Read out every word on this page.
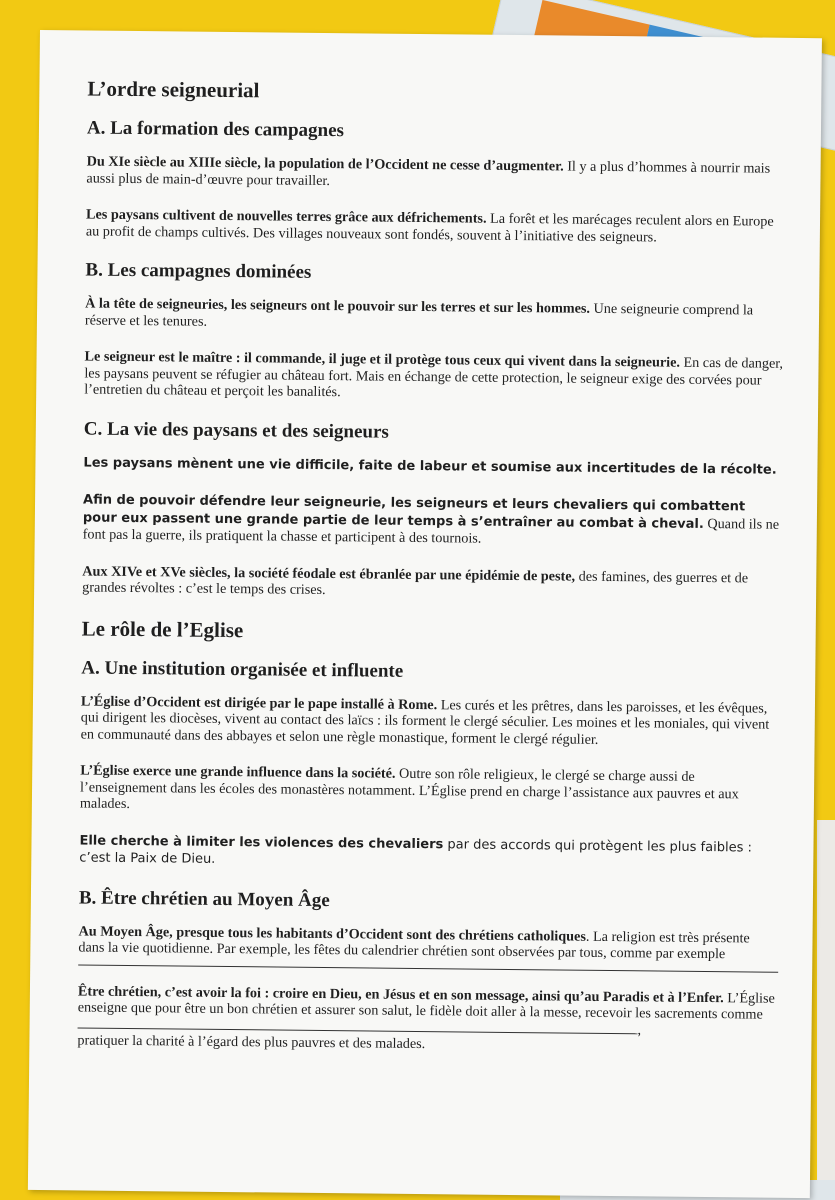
L’ordre seigneurial
A. La formation des campagnes

Du XIe siècle au XIIIe siècle, la population de l’Occident ne cesse d’augmenter. Il y a plus d’hommes à nourrir mais aussi plus de main-d’œuvre pour travailler.

Les paysans cultivent de nouvelles terres grâce aux défrichements. La forêt et les marécages reculent alors en Europe au profit de champs cultivés. Des villages nouveaux sont fondés, souvent à l’initiative des seigneurs.

B. Les campagnes dominées

À la tête de seigneuries, les seigneurs ont le pouvoir sur les terres et sur les hommes. Une seigneurie comprend la réserve et les tenures.

Le seigneur est le maître : il commande, il juge et il protège tous ceux qui vivent dans la seigneurie. En cas de danger, les paysans peuvent se réfugier au château fort. Mais en échange de cette protection, le seigneur exige des corvées pour l’entretien du château et perçoit les banalités.

C. La vie des paysans et des seigneurs

Les paysans mènent une vie difficile, faite de labeur et soumise aux incertitudes de la récolte.

Afin de pouvoir défendre leur seigneurie, les seigneurs et leurs chevaliers qui combattent pour eux passent une grande partie de leur temps à s’entraîner au combat à cheval. Quand ils ne font pas la guerre, ils pratiquent la chasse et participent à des tournois.

Aux XIVe et XVe siècles, la société féodale est ébranlée par une épidémie de peste, des famines, des guerres et de grandes révoltes : c’est le temps des crises.

Le rôle de l’Eglise
A. Une institution organisée et influente

L’Église d’Occident est dirigée par le pape installé à Rome. Les curés et les prêtres, dans les paroisses, et les évêques, qui dirigent les diocèses, vivent au contact des laïcs : ils forment le clergé séculier. Les moines et les moniales, qui vivent en communauté dans des abbayes et selon une règle monastique, forment le clergé régulier.

L’Église exerce une grande influence dans la société. Outre son rôle religieux, le clergé se charge aussi de l’enseignement dans les écoles des monastères notamment. L’Église prend en charge l’assistance aux pauvres et aux malades.

Elle cherche à limiter les violences des chevaliers par des accords qui protègent les plus faibles : c’est la Paix de Dieu.

B. Être chrétien au Moyen Âge

Au Moyen Âge, presque tous les habitants d’Occident sont des chrétiens catholiques. La religion est très présente dans la vie quotidienne. Par exemple, les fêtes du calendrier chrétien sont observées par tous, comme par exemple

Être chrétien, c’est avoir la foi : croire en Dieu, en Jésus et en son message, ainsi qu’au Paradis et à l’Enfer. L’Église enseigne que pour être un bon chrétien et assurer son salut, le fidèle doit aller à la messe, recevoir les sacrements comme ,

pratiquer la charité à l’égard des plus pauvres et des malades.
